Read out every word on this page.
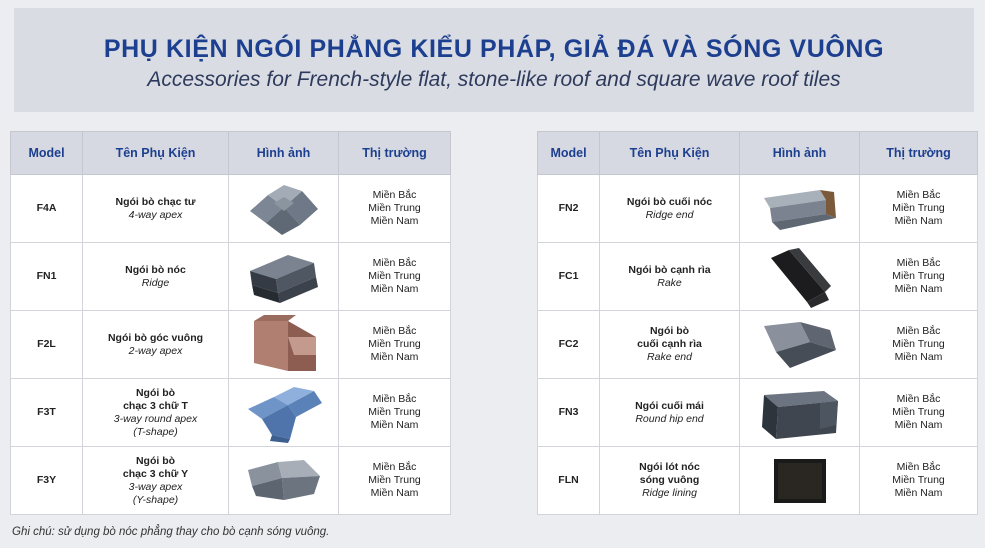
PHỤ KIỆN NGÓI PHẲNG KIỂU PHÁP, GIẢ ĐÁ VÀ SÓNG VUÔNG
Accessories for French-style flat, stone-like roof and square wave roof tiles
Model	Tên Phụ Kiện	Hình ảnh	Thị trường
F4A	Ngói bò chạc tư
4-way apex		Miền Bắc
Miền Trung
Miền Nam

FN1	Ngói bò nóc
Ridge		Miền Bắc
Miền Trung
Miền Nam

F2L	Ngói bò góc vuông
2-way apex		Miền Bắc
Miền Trung
Miền Nam

F3T	Ngói bò
chạc 3 chữ T
3-way round apex
(T-shape)		Miền Bắc
Miền Trung
Miền Nam

F3Y	Ngói bò
chạc 3 chữ Y
3-way apex
(Y-shape)		Miền Bắc
Miền Trung
Miền Nam
Model	Tên Phụ Kiện	Hình ảnh	Thị trường
FN2	Ngói bò cuối nóc
Ridge end		Miền Bắc
Miền Trung
Miền Nam

FC1	Ngói bò cạnh rìa
Rake		Miền Bắc
Miền Trung
Miền Nam

FC2	Ngói bò
cuối cạnh rìa
Rake end		Miền Bắc
Miền Trung
Miền Nam

FN3	Ngói cuối mái
Round hip end		Miền Bắc
Miền Trung
Miền Nam

FLN	Ngói lót nóc
sóng vuông
Ridge lining		Miền Bắc
Miền Trung
Miền Nam
Ghi chú: sử dụng bò nóc phẳng thay cho bò cạnh sóng vuông.
